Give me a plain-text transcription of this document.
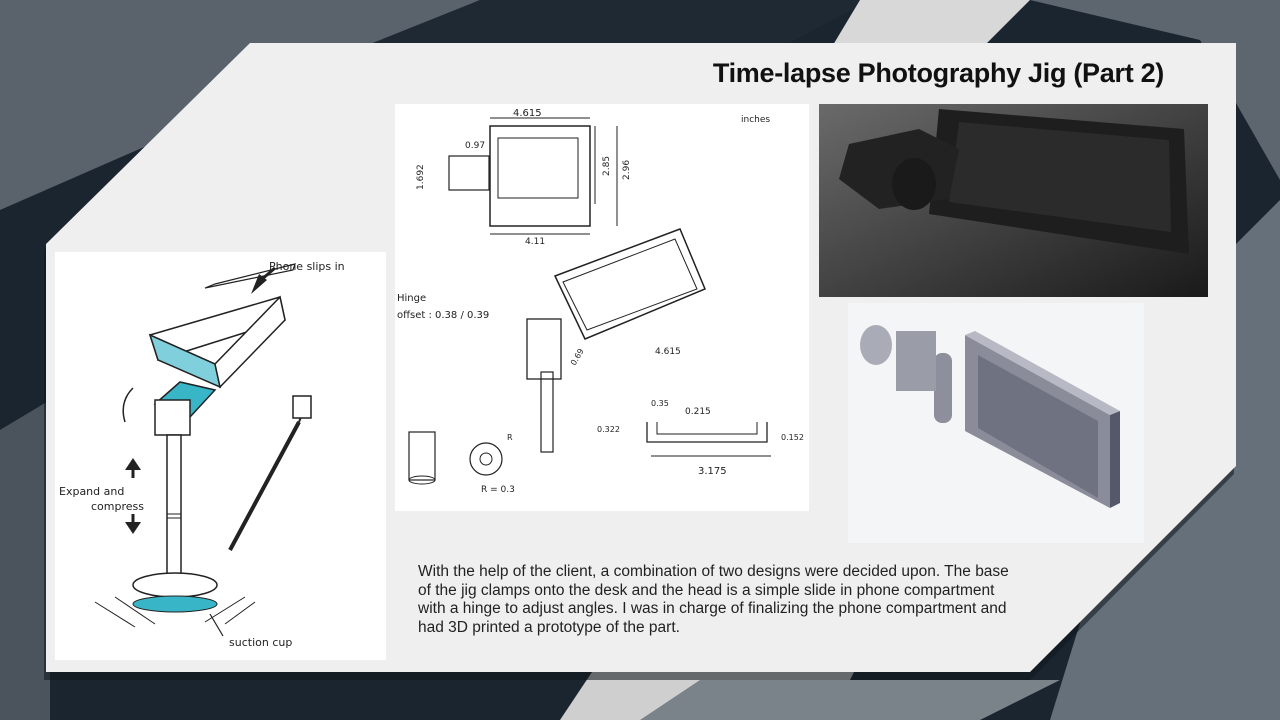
Time-lapse Photography Jig (Part 2)
Phone slips in
Expand and
compress
suction cup
inches
4.615
0.97
1.692	2.85 2.96
4.11
Hinge
offset : 0.38 / 0.39
0.69	4.615
R = 0.3
R
0.35
0.215
0.322
0.152
3.175
With the help of the client, a combination of two designs were decided upon. The base of the jig clamps onto the desk and the head is a simple slide in phone compartment with a hinge to adjust angles. I was in charge of finalizing the phone compartment and had 3D printed a prototype of the part.
